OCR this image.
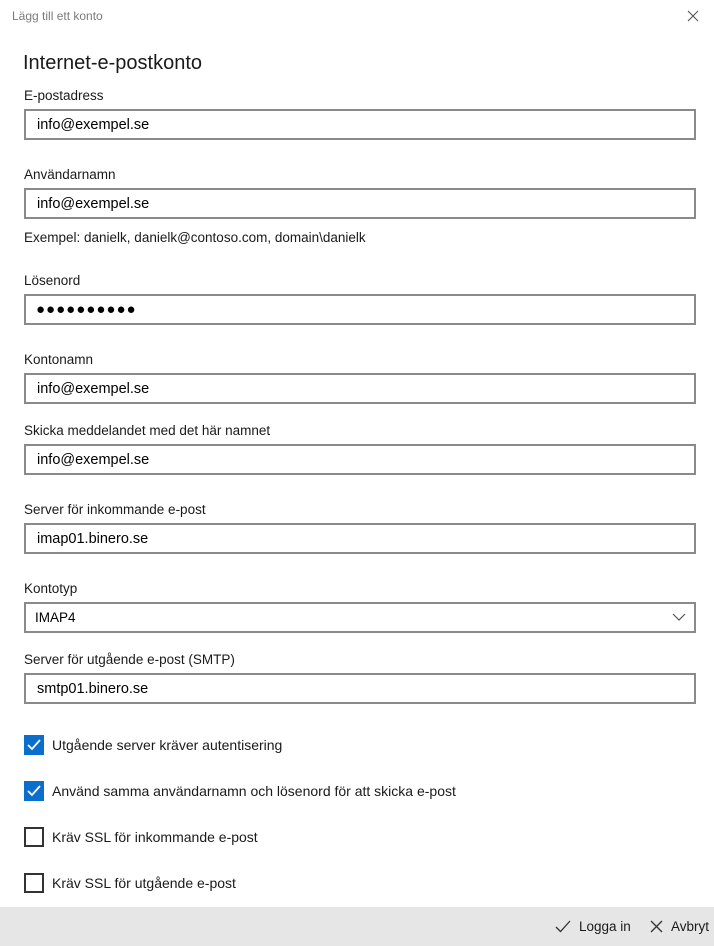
Lägg till ett konto
Internet-e-postkonto
E-postadress
info@exempel.se
Användarnamn
info@exempel.se
Exempel: danielk, danielk@contoso.com, domain\danielk
Lösenord
●●●●●●●●●●
Kontonamn
info@exempel.se
Skicka meddelandet med det här namnet
info@exempel.se
Server för inkommande e-post
imap01.binero.se
Kontotyp
IMAP4
Server för utgående e-post (SMTP)
smtp01.binero.se
Utgående server kräver autentisering
Använd samma användarnamn och lösenord för att skicka e-post
Kräv SSL för inkommande e-post
Kräv SSL för utgående e-post
Logga in	Avbryt
